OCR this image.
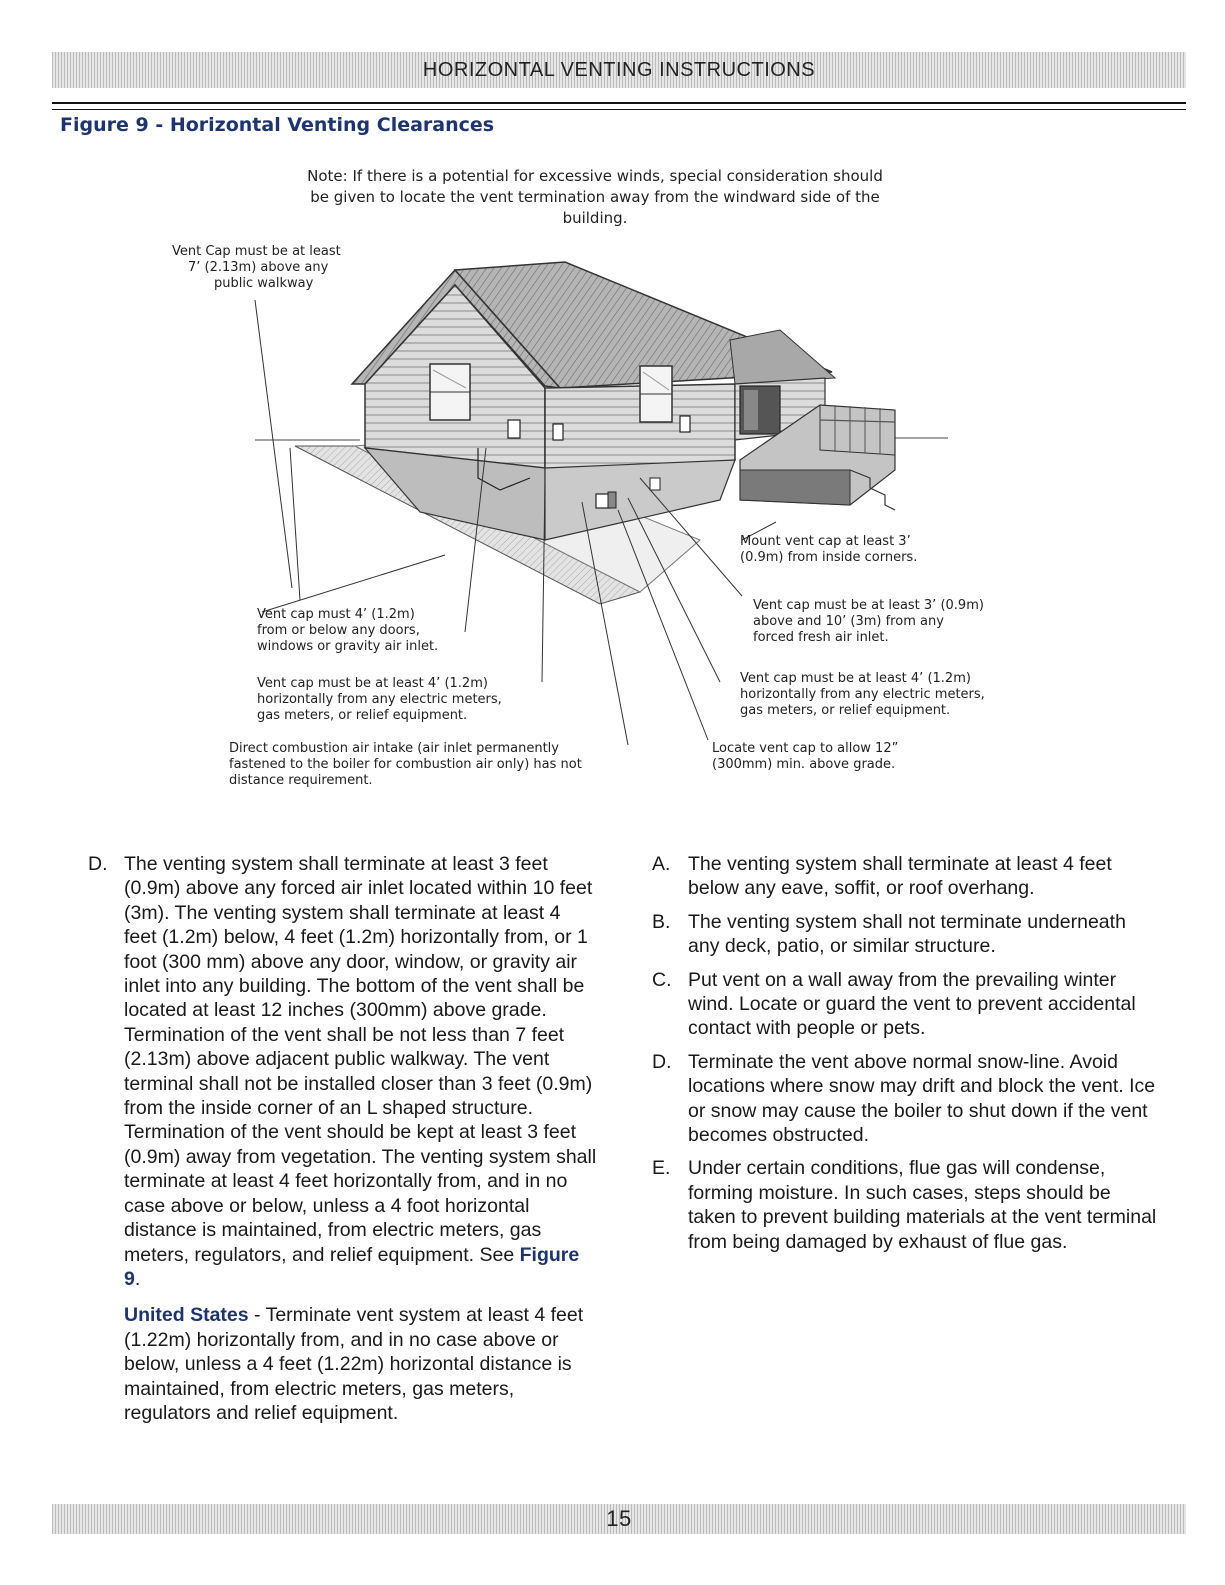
HORIZONTAL VENTING INSTRUCTIONS
Figure 9 - Horizontal Venting Clearances

Note: If there is a potential for excessive winds, special consideration should be given to locate the vent termination away from the windward side of the building.

Vent Cap must be at least
7’ (2.13m) above any
public walkway
Vent cap must 4’ (1.2m)
from or below any doors,
windows or gravity air inlet.
Vent cap must be at least 4’ (1.2m)
horizontally from any electric meters,
gas meters, or relief equipment.
Direct combustion air intake (air inlet permanently
fastened to the boiler for combustion air only) has not
distance requirement.
Mount vent cap at least 3’
(0.9m) from inside corners.
Vent cap must be at least 3’ (0.9m)
above and 10’ (3m) from any
forced fresh air inlet.
Vent cap must be at least 4’ (1.2m)
horizontally from any electric meters,
gas meters, or relief equipment.
Locate vent cap to allow 12”
(300mm) min. above grade.
D. The venting system shall terminate at least 3 feet (0.9m) above any forced air inlet located within 10 feet (3m). The venting system shall terminate at least 4 feet (1.2m) below, 4 feet (1.2m) horizontally from, or 1 foot (300 mm) above any door, window, or gravity air inlet into any building. The bottom of the vent shall be located at least 12 inches (300mm) above grade. Termination of the vent shall be not less than 7 feet (2.13m) above adjacent public walkway. The vent terminal shall not be installed closer than 3 feet (0.9m) from the inside corner of an L shaped structure. Termination of the vent should be kept at least 3 feet (0.9m) away from vegetation. The venting system shall terminate at least 4 feet horizontally from, and in no case above or below, unless a 4 foot horizontal distance is maintained, from electric meters, gas meters, regulators, and relief equipment. See Figure 9.

United States - Terminate vent system at least 4 feet (1.22m) horizontally from, and in no case above or below, unless a 4 feet (1.22m) horizontal distance is maintained, from electric meters, gas meters, regulators and relief equipment.

A. The venting system shall terminate at least 4 feet below any eave, soffit, or roof overhang.

B. The venting system shall not terminate underneath any deck, patio, or similar structure.

C. Put vent on a wall away from the prevailing winter wind. Locate or guard the vent to prevent accidental contact with people or pets.

D. Terminate the vent above normal snow-line. Avoid locations where snow may drift and block the vent. Ice or snow may cause the boiler to shut down if the vent becomes obstructed.

E. Under certain conditions, flue gas will condense, forming moisture. In such cases, steps should be taken to prevent building materials at the vent terminal from being damaged by exhaust of flue gas.

15
